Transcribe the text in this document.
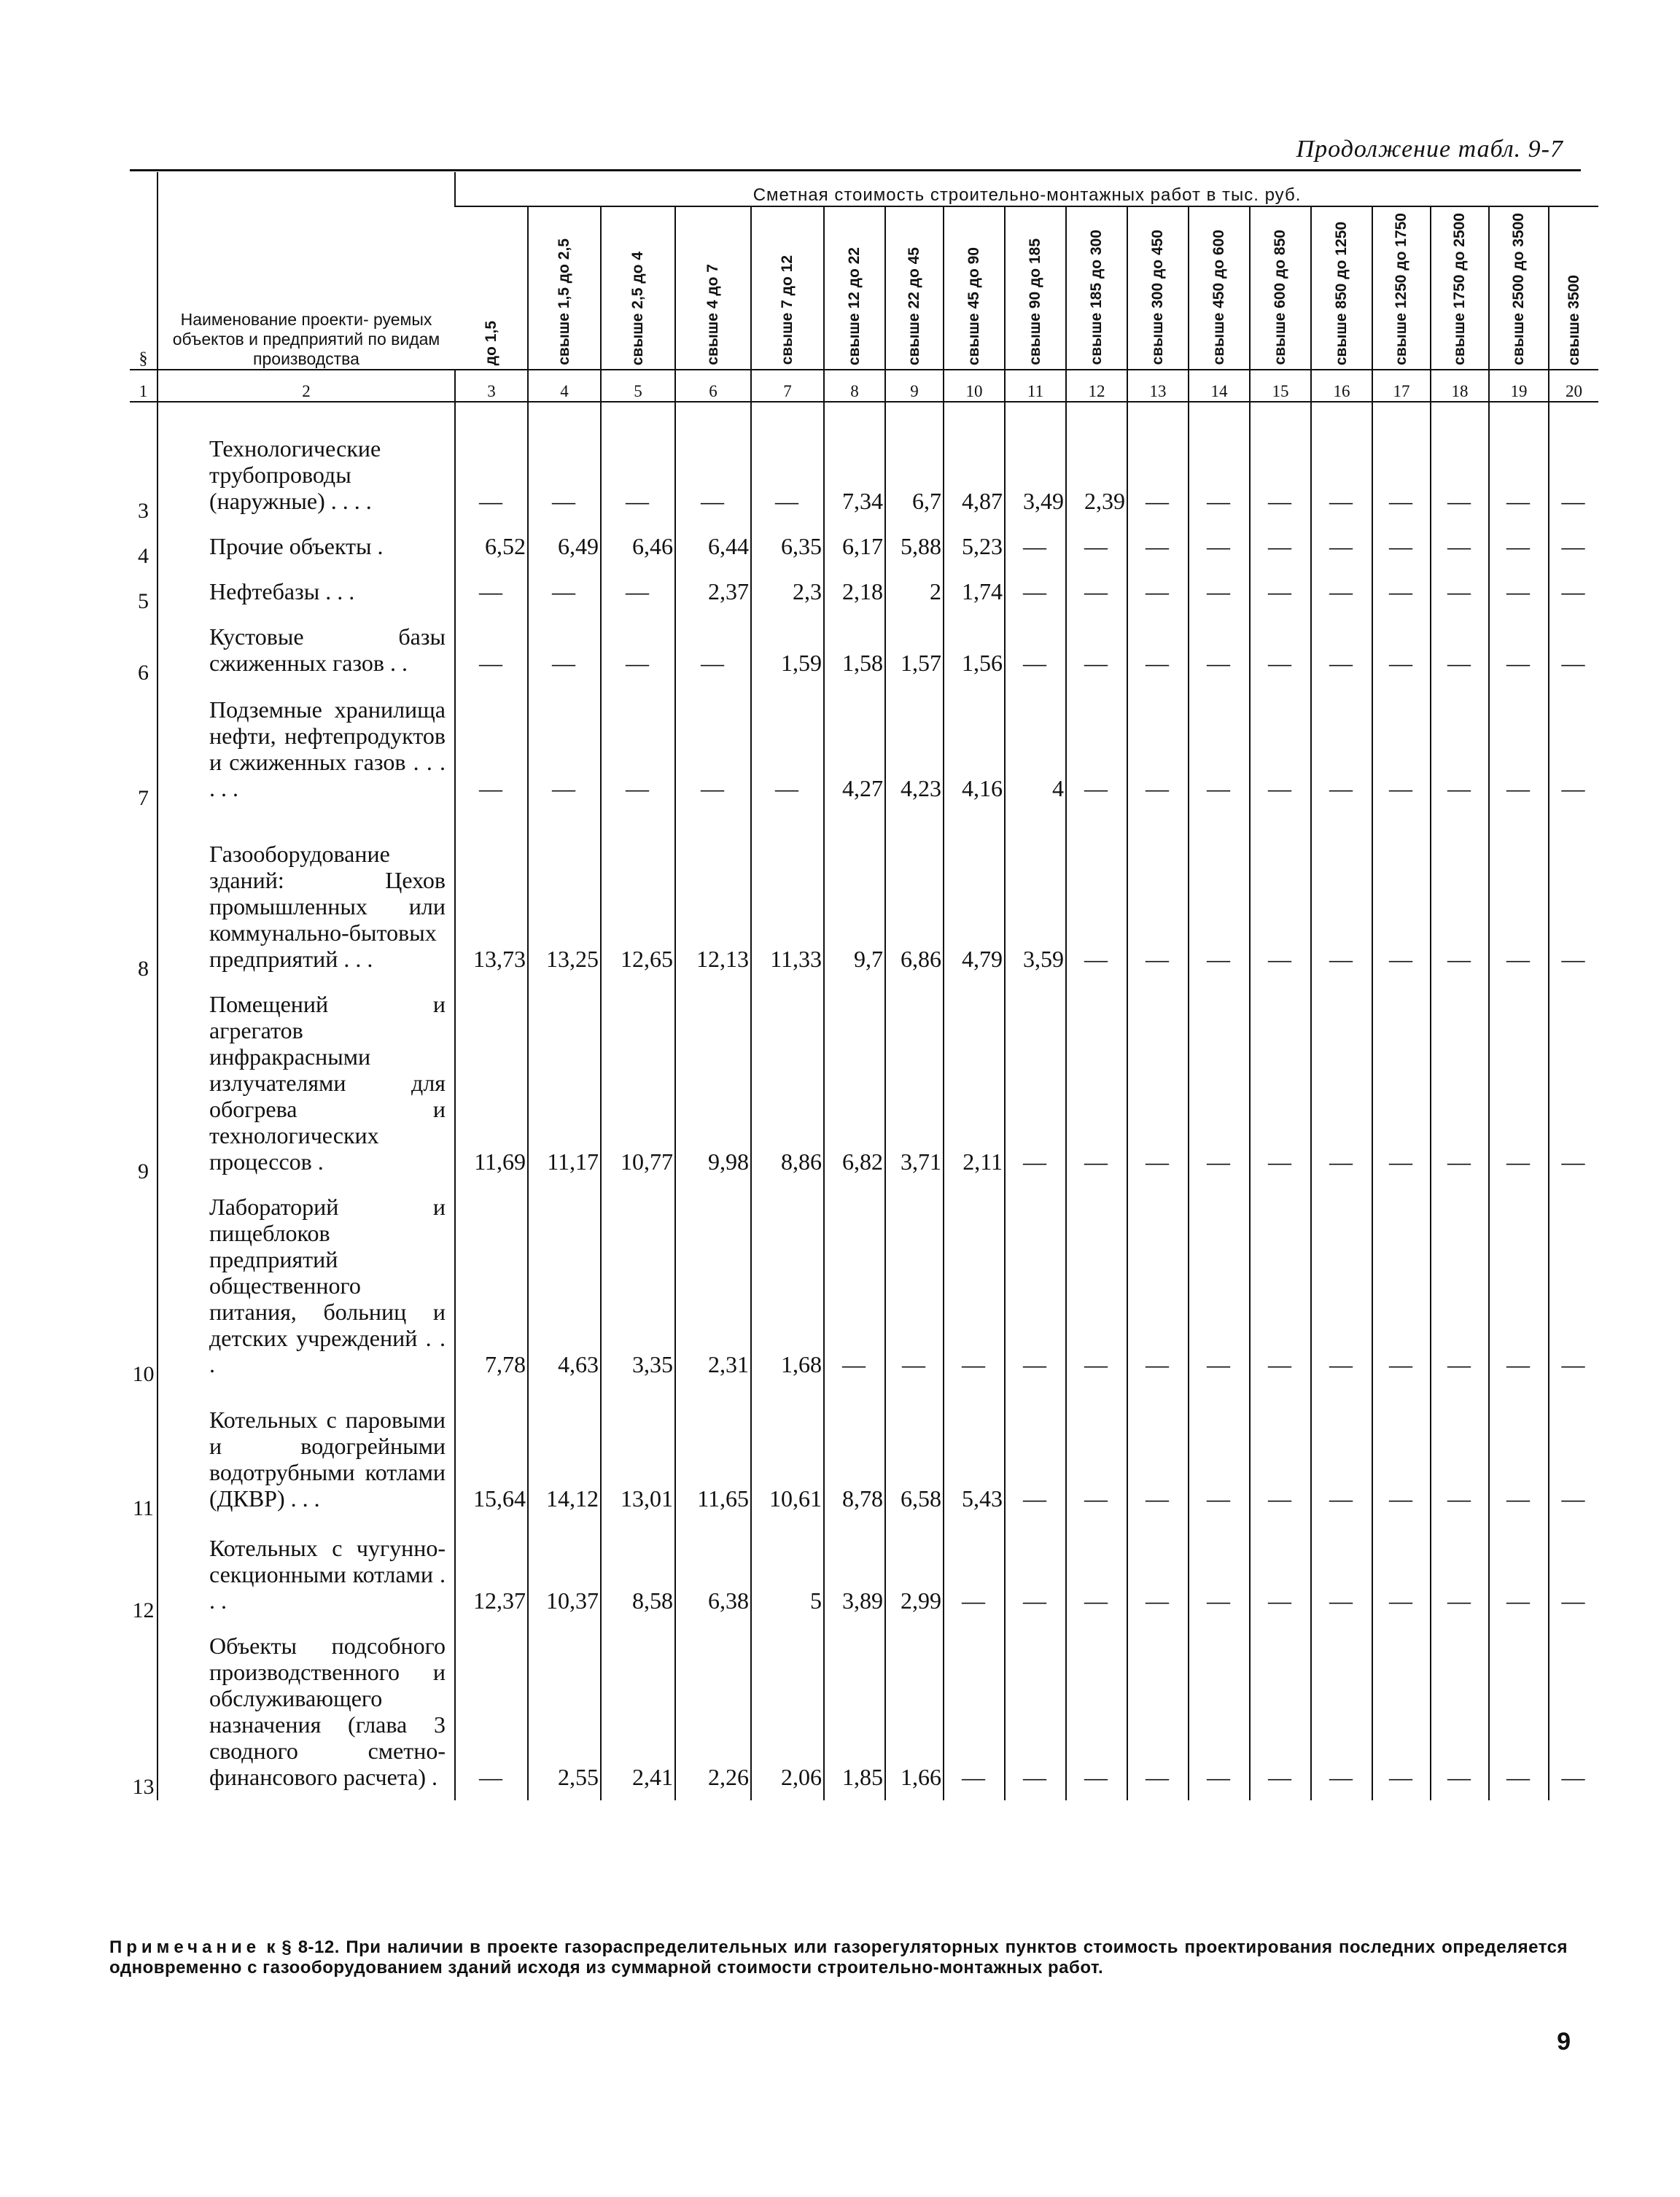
Продолжение табл. 9-7
§	Наименование проекти- руемых объектов и предприятий по видам производства	Сметная стоимость строительно-монтажных работ в тыс. руб.																	
		до 1,5	свыше 1,5 до 2,5	свыше 2,5 до 4	свыше 4 до 7	свыше 7 до 12	свыше 12 до 22	свыше 22 до 45	свыше 45 до 90	свыше 90 до 185	свыше 185 до 300	свыше 300 до 450	свыше 450 до 600	свыше 600 до 850	свыше 850 до 1250	свыше 1250 до 1750	свыше 1750 до 2500	свыше 2500 до 3500	свыше 3500
1	2	3	4	5	6	7	8	9	10	11	12	13	14	15	16	17	18	19	20
3	Технологические трубопроводы (наружные) . . . .	—	—	—	—	—	7,34	6,7	4,87	3,49	2,39	—	—	—	—	—	—	—	—
4	Прочие объекты .	6,52	6,49	6,46	6,44	6,35	6,17	5,88	5,23	—	—	—	—	—	—	—	—	—	—
5	Нефтебазы . . .	—	—	—	2,37	2,3	2,18	2	1,74	—	—	—	—	—	—	—	—	—	—
6	Кустовые базы сжиженных газов . .	—	—	—	—	1,59	1,58	1,57	1,56	—	—	—	—	—	—	—	—	—	—
7	Подземные хранилища нефти, нефтепродуктов и сжиженных газов . . . . . .	—	—	—	—	—	4,27	4,23	4,16	4	—	—	—	—	—	—	—	—	—
8	Газооборудование зданий: Цехов промышленных или коммунально-бытовых предприятий . . .	13,73	13,25	12,65	12,13	11,33	9,7	6,86	4,79	3,59	—	—	—	—	—	—	—	—	—
9	Помещений и агрегатов инфракрасными излучателями для обогрева и технологических процессов .	11,69	11,17	10,77	9,98	8,86	6,82	3,71	2,11	—	—	—	—	—	—	—	—	—	—
10	Лабораторий и пищеблоков предприятий общественного питания, больниц и детских учреждений . . .	7,78	4,63	3,35	2,31	1,68	—	—	—	—	—	—	—	—	—	—	—	—	—
11	Котельных с паровыми и водогрейными водотрубными котлами (ДКВР) . . .	15,64	14,12	13,01	11,65	10,61	8,78	6,58	5,43	—	—	—	—	—	—	—	—	—	—
12	Котельных с чугунно-секционными котлами . . .	12,37	10,37	8,58	6,38	5	3,89	2,99	—	—	—	—	—	—	—	—	—	—	—
13	Объекты подсобного производственного и обслуживающего назначения (глава 3 сводного сметно-финансового расчета) .	—	2,55	2,41	2,26	2,06	1,85	1,66	—	—	—	—	—	—	—	—	—	—	—
Примечание к § 8-12. При наличии в проекте газораспределительных или газорегуляторных пунктов стоимость проектирования последних определяется одновременно с газооборудованием зданий исходя из суммарной стоимости строительно-монтажных работ.
9
